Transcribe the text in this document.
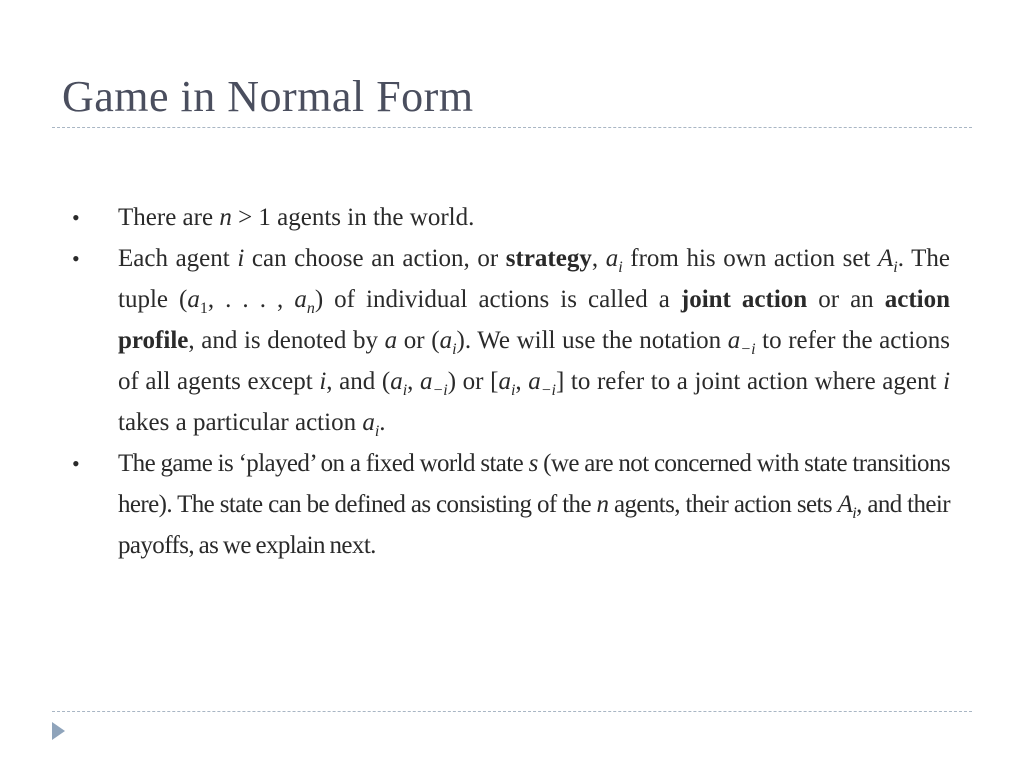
Game in Normal Form
• There are n > 1 agents in the world.
• Each agent i can choose an action, or strategy, $a_i$ from his own action set $A_i$. The tuple ($a_1$, . . . , $a_n$) of individual actions is called a joint action or an action profile, and is denoted by a or $(a_i)$. We will use the notation $a_{-i}$ to refer the actions of all agents except i, and ($a_i$, $a_{-i}$) or [$a_i$, $a_{-i}$] to refer to a joint action where agent i takes a particular action $a_i$.
• The game is ‘played’ on a fixed world state s (we are not concerned with state transitions here). The state can be defined as consisting of the n agents, their action sets $A_i$, and their payoffs, as we explain next.
